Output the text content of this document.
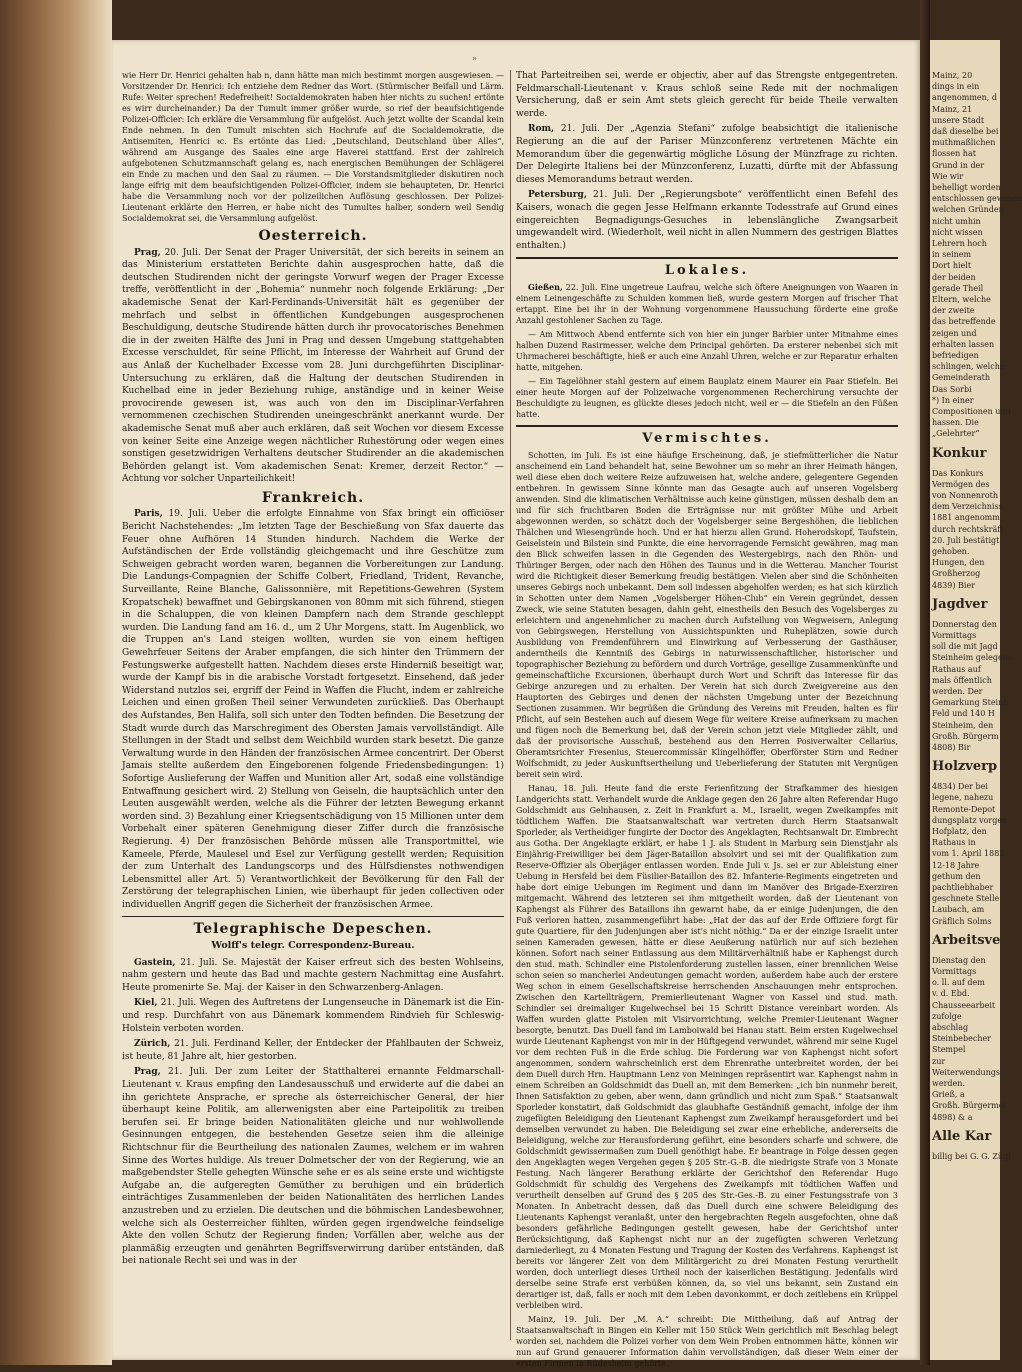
»

wie Herr Dr. Henrici gehalten hab n, dann hätte man mich bestimmt morgen ausgewiesen. — Vorsitzender Dr. Henrici: Ich entziehe dem Redner das Wort. (Stürmischer Beifall und Lärm. Rufe: Weiter sprechen! Redefreiheit! Socialdemokraten haben hier nichts zu suchen! ertönte es wirr durcheinander.) Da der Tumult immer größer wurde, so rief der beaufsichtigende Polizei-Officier: Ich erkläre die Versammlung für aufgelöst. Auch jetzt wollte der Scandal kein Ende nehmen. In den Tumult mischten sich Hochrufe auf die Socialdemokratie, die Antisemiten, Henrici ꝛc. Es ertönte das Lied: „Deutschland, Deutschland über Alles“, während am Ausgange des Saales eine arge Haverei stattfand. Erst der zahlreich aufgebotenen Schutzmannschaft gelang es, nach energischen Bemühungen der Schlägerei ein Ende zu machen und den Saal zu räumen. — Die Vorstandsmitglieder diskutiren noch lange eifrig mit dem beaufsichtigenden Polizei-Officier, indem sie behaupteten, Dr. Henrici habe die Versammlung noch vor der polizeilichen Auflösung geschlossen. Der Polizei-Lieutenant erklärte den Herren, er habe nicht des Tumultes halber, sondern weil Sendig Socialdemokrat sei, die Versammlung aufgelöst.

Oesterreich.

Prag, 20. Juli. Der Senat der Prager Universität, der sich bereits in seinem an das Ministerium erstatteten Berichte dahin ausgesprochen hatte, daß die deutschen Studirenden nicht der geringste Vorwurf wegen der Prager Excesse treffe, veröffentlicht in der „Bohemia“ nunmehr noch folgende Erklärung: „Der akademische Senat der Karl-Ferdinands-Universität hält es gegenüber der mehrfach und selbst in öffentlichen Kundgebungen ausgesprochenen Beschuldigung, deutsche Studirende hätten durch ihr provocatorisches Benehmen die in der zweiten Hälfte des Juni in Prag und dessen Umgebung stattgehabten Excesse verschuldet, für seine Pflicht, im Interesse der Wahrheit auf Grund der aus Anlaß der Kuchelbader Excesse vom 28. Juni durchgeführten Disciplinar-Untersuchung zu erklären, daß die Haltung der deutschen Studirenden in Kuchelbad eine in jeder Beziehung ruhige, anständige und in keiner Weise provocirende gewesen ist, was auch von den im Disciplinar-Verfahren vernommenen czechischen Studirenden uneingeschränkt anerkannt wurde. Der akademische Senat muß aber auch erklären, daß seit Wochen vor diesem Excesse von keiner Seite eine Anzeige wegen nächtlicher Ruhestörung oder wegen eines sonstigen gesetzwidrigen Verhaltens deutscher Studirender an die akademischen Behörden gelangt ist. Vom akademischen Senat: Kremer, derzeit Rector.“ — Achtung vor solcher Unparteilichkeit!

Frankreich.

Paris, 19. Juli. Ueber die erfolgte Einnahme von Sfax bringt ein officiöser Bericht Nachstehendes: „Im letzten Tage der Beschießung von Sfax dauerte das Feuer ohne Aufhören 14 Stunden hindurch. Nachdem die Werke der Aufständischen der Erde vollständig gleichgemacht und ihre Geschütze zum Schweigen gebracht worden waren, begannen die Vorbereitungen zur Landung. Die Landungs-Compagnien der Schiffe Colbert, Friedland, Trident, Revanche, Surveillante, Reine Blanche, Galissonnière, mit Repetitions-Gewehren (System Kropatschek) bewaffnet und Gebirgskanonen von 80mm mit sich führend, stiegen in die Schaluppen, die von kleinen Dampfern nach dem Strande geschleppt wurden. Die Landung fand am 16. d., um 2 Uhr Morgens, statt. Im Augenblick, wo die Truppen an's Land steigen wollten, wurden sie von einem heftigen Gewehrfeuer Seitens der Araber empfangen, die sich hinter den Trümmern der Festungswerke aufgestellt hatten. Nachdem dieses erste Hinderniß beseitigt war, wurde der Kampf bis in die arabische Vorstadt fortgesetzt. Einsehend, daß jeder Widerstand nutzlos sei, ergriff der Feind in Waffen die Flucht, indem er zahlreiche Leichen und einen großen Theil seiner Verwundeten zurückließ. Das Oberhaupt des Aufstandes, Ben Halifa, soll sich unter den Todten befinden. Die Besetzung der Stadt wurde durch das Marschregiment des Obersten Jamais vervollständigt. Alle Stellungen in der Stadt und selbst dem Weichbild wurden stark besetzt. Die ganze Verwaltung wurde in den Händen der französischen Armee concentrirt. Der Oberst Jamais stellte außerdem den Eingeborenen folgende Friedensbedingungen: 1) Sofortige Auslieferung der Waffen und Munition aller Art, sodaß eine vollständige Entwaffnung gesichert wird. 2) Stellung von Geiseln, die hauptsächlich unter den Leuten ausgewählt werden, welche als die Führer der letzten Bewegung erkannt worden sind. 3) Bezahlung einer Kriegsentschädigung von 15 Millionen unter dem Vorbehalt einer späteren Genehmigung dieser Ziffer durch die französische Regierung. 4) Der französischen Behörde müssen alle Transportmittel, wie Kameele, Pferde, Maulesel und Esel zur Verfügung gestellt werden; Requisition der zum Unterhalt des Landungscorps und des Hülfsdienstes nothwendigen Lebensmittel aller Art. 5) Verantwortlichkeit der Bevölkerung für den Fall der Zerstörung der telegraphischen Linien, wie überhaupt für jeden collectiven oder individuellen Angriff gegen die Sicherheit der französischen Armee.

Telegraphische Depeschen.
Wolff's telegr. Correspondenz-Bureau.

Gastein, 21. Juli. Se. Majestät der Kaiser erfreut sich des besten Wohlseins, nahm gestern und heute das Bad und machte gestern Nachmittag eine Ausfahrt. Heute promenirte Se. Maj. der Kaiser in den Schwarzenberg-Anlagen.

Kiel, 21. Juli. Wegen des Auftretens der Lungenseuche in Dänemark ist die Ein- und resp. Durchfahrt von aus Dänemark kommendem Rindvieh für Schleswig-Holstein verboten worden.

Zürich, 21. Juli. Ferdinand Keller, der Entdecker der Pfahlbauten der Schweiz, ist heute, 81 Jahre alt, hier gestorben.

Prag, 21. Juli. Der zum Leiter der Statthalterei ernannte Feldmarschall-Lieutenant v. Kraus empfing den Landesausschuß und erwiderte auf die dabei an ihn gerichtete Ansprache, er spreche als österreichischer General, der hier überhaupt keine Politik, am allerwenigsten aber eine Parteipolitik zu treiben berufen sei. Er bringe beiden Nationalitäten gleiche und nur wohlwollende Gesinnungen entgegen, die bestehenden Gesetze seien ihm die alleinige Richtschnur für die Beurtheilung des nationalen Zaumes, welchem er im wahren Sinne des Wortes huldige. Als treuer Dolmetscher der von der Regierung, wie an maßgebendster Stelle gehegten Wünsche sehe er es als seine erste und wichtigste Aufgabe an, die aufgeregten Gemüther zu beruhigen und ein brüderlich einträchtiges Zusammenleben der beiden Nationalitäten des herrlichen Landes anzustreben und zu erzielen. Die deutschen und die böhmischen Landesbewohner, welche sich als Oesterreicher fühlten, würden gegen irgendwelche feindselige Akte den vollen Schutz der Regierung finden; Vorfällen aber, welche aus der planmäßig erzeugten und genährten Begriffsverwirrung darüber entständen, daß bei nationale Recht sei und was in der

That Parteitreiben sei, werde er objectiv, aber auf das Strengste entgegentreten. Feldmarschall-Lieutenant v. Kraus schloß seine Rede mit der nochmaligen Versicherung, daß er sein Amt stets gleich gerecht für beide Theile verwalten werde.

Rom, 21. Juli. Der „Agenzia Stefani“ zufolge beabsichtigt die italienische Regierung an die auf der Pariser Münzconferenz vertretenen Mächte ein Memorandum über die gegenwärtig mögliche Lösung der Münzfrage zu richten. Der Delegirte Italiens bei der Münzconferenz, Luzatti, dürfte mit der Abfassung dieses Memorandums betraut werden.

Petersburg, 21. Juli. Der „Regierungsbote“ veröffentlicht einen Befehl des Kaisers, wonach die gegen Jesse Helfmann erkannte Todesstrafe auf Grund eines eingereichten Begnadigungs-Gesuches in lebenslängliche Zwangsarbeit umgewandelt wird. (Wiederholt, weil nicht in allen Nummern des gestrigen Blattes enthalten.)

Lokales.

Gießen, 22. Juli. Eine ungetreue Laufrau, welche sich öftere Aneignungen von Waaren in einem Leinengeschäfte zu Schulden kommen ließ, wurde gestern Morgen auf frischer That ertappt. Eine bei ihr in der Wohnung vorgenommene Haussuchung förderte eine große Anzahl gestohlener Sachen zu Tage.

— Am Mittwoch Abend entfernte sich von hier ein junger Barbier unter Mitnahme eines halben Duzend Rasirmesser, welche dem Principal gehörten. Da ersterer nebenbei sich mit Uhrmacherei beschäftigte, hieß er auch eine Anzahl Uhren, welche er zur Reparatur erhalten hatte, mitgehen.

— Ein Tagelöhner stahl gestern auf einem Bauplatz einem Maurer ein Paar Stiefeln. Bei einer heute Morgen auf der Polizeiwache vorgenommenen Recherchirung versuchte der Beschuldigte zu leugnen, es glückte dieses jedoch nicht, weil er — die Stiefeln an den Füßen hatte.

Vermischtes.

Schotten, im Juli. Es ist eine häufige Erscheinung, daß, je stiefmütterlicher die Natur anscheinend ein Land behandelt hat, seine Bewohner um so mehr an ihrer Heimath hängen, weil diese eben doch weitere Reize aufzuweisen hat, welche andere, gelegentere Gegenden entbehren. In gewissem Sinne könnte man das Gesagte auch auf unseren Vogelsberg anwenden. Sind die klimatischen Verhältnisse auch keine günstigen, müssen deshalb dem an und für sich fruchtbaren Boden die Erträgnisse nur mit größter Mühe und Arbeit abgewonnen werden, so schätzt doch der Vogelsberger seine Bergeshöhen, die lieblichen Thälchen und Wiesengründe hoch. Und er hat hierzu allen Grund. Hoherodskopf, Taufstein, Geiselstein und Bilstein sind Punkte, die eine hervorragende Fernsicht gewähren, mag man den Blick schweifen lassen in die Gegenden des Westergebirgs, nach den Rhön- und Thüringer Bergen, oder nach den Höhen des Taunus und in die Wetterau. Mancher Tourist wird die Richtigkeit dieser Bemerkung freudig bestätigen. Vielen aber sind die Schönheiten unseres Gebirgs noch unbekannt. Dem soll indessen abgeholfen werden; es hat sich kürzlich in Schotten unter dem Namen „Vogelsberger Höhen-Club“ ein Verein gegründet, dessen Zweck, wie seine Statuten besagen, dahin geht, einestheils den Besuch des Vogelsberges zu erleichtern und angenehmlicher zu machen durch Aufstellung von Wegweisern, Anlegung von Gebirgswegen, Herstellung von Aussichtspunkten und Ruheplätzen, sowie durch Ausbildung von Fremdenführern und Einwirkung auf Verbesserung der Gasthäuser, anderntheils die Kenntniß des Gebirgs in naturwissenschaftlicher, historischer und topographischer Beziehung zu befördern und durch Vorträge, gesellige Zusammenkünfte und gemeinschaftliche Excursionen, überhaupt durch Wort und Schrift das Interesse für das Gebirge anzuregen und zu erhalten. Der Verein hat sich durch Zweigvereine aus den Hauptorten des Gebirges und denen der nächsten Umgebung unter der Bezeichnung Sectionen zusammen. Wir begrüßen die Gründung des Vereins mit Freuden, halten es für Pflicht, auf sein Bestehen auch auf diesem Wege für weitere Kreise aufmerksam zu machen und fügen noch die Bemerkung bei, daß der Verein schon jetzt viele Mitglieder zählt, und daß der provisorische Ausschuß, bestehend aus den Herren Posiverwalter Cellarius, Oberamtsrichter Fresenius, Steuercommissär Klingelhöffer, Oberförster Stirn und Redner Wolfschmidt, zu jeder Auskunftsertheilung und Ueberlieferung der Statuten mit Vergnügen bereit sein wird.

Hanau, 18. Juli. Heute fand die erste Ferienfitzung der Strafkammer des hiesigen Landgerichts statt. Verhandelt wurde die Anklage gegen den 26 Jahre alten Referendar Hugo Goldschmidt aus Gelnhausen, z. Zeit in Frankfurt a. M., Israelit, wegen Zweikampfes mit tödtlichem Waffen. Die Staatsanwaltschaft war vertreten durch Herrn Staatsanwalt Sporleder, als Vertheidiger fungirte der Doctor des Angeklagten, Rechtsanwalt Dr. Eimbrecht aus Gotha. Der Angeklagte erklärt, er habe 1 J. als Student in Marburg sein Dienstjahr als Einjährig-Freiwilliger bei dem Jäger-Bataillon absolvirt und sei mit der Qualifikation zum Reserve-Offizier als Oberjäger entlassen worden. Ende Juli v. Js. sei er zur Ableistung einer Uebung in Hersfeld bei dem Füsilier-Bataillon des 82. Infanterie-Regiments eingetreten und habe dort einige Uebungen im Regiment und dann im Manöver des Brigade-Exerziren mitgemacht. Während des letzteren sei ihm mitgetheilt worden, daß der Lieutenant von Kaphengst als Führer des Bataillons ihn gewarnt habe, da er einige Judenjungen, die den Fuß verloren hatten, zusammengeführt habe: „Hat der das auf der Erde Offiziere forgt für gute Quartiere, für den Judenjungen aber ist's nicht nöthig.“ Da er der einzige Israelit unter seinen Kameraden gewesen, hätte er diese Aeußerung natürlich nur auf sich beziehen können. Sofort nach seiner Entlassung aus dem Militärverhältniß habe er Kaphengst durch den stud. math. Schindler eine Pistolenforderung zustellen lassen, einer brennlichen Weise schon seien so mancherlei Andeutungen gemacht worden, außerdem habe auch der erstere Weg schon in einem Gesellschaftskreise herrschenden Anschauungen mehr entsprochen. Zwischen den Kartellträgern, Premierlieutenant Wagner von Kassel und stud. math. Schindler sei dreimaliger Kugelwechsel bei 15 Schritt Distance vereinbart worden. Als Waffen wurden glatte Pistolen mit Visirvorrichtung, welche Premier-Lieutenant Wagner besorgte, benutzt. Das Duell fand im Lamboiwald bei Hanau statt. Beim ersten Kugelwechsel wurde Lieutenant Kaphengst von mir in der Hüftgegend verwundet, während mir seine Kugel vor dem rechten Fuß in die Erde schlug. Die Forderung war von Kaphengst nicht sofort angenommen, sondern wahrscheinlich erst dem Ehrenrathe unterbreitet worden, der bei dem Duell durch Hrn. Hauptmann Lenz von Meiningen repräsentirt war. Kaphengst nahm in einem Schreiben an Goldschmidt das Duell an, mit dem Bemerken: „ich bin nunmehr bereit, Ihnen Satisfaktion zu geben, aber wenn, dann gründlich und nicht zum Spaß.“ Staatsanwalt Sporleder konstatirt, daß Goldschmidt das glaubhafte Geständniß gemacht, infolge der ihm zugefügten Beleidigung den Lieutenant Kaphengst zum Zweikampf herausgefordert und bei demselben verwundet zu haben. Die Beleidigung sei zwar eine erhebliche, andererseits die Beleidigung, welche zur Herausforderung geführt, eine besonders scharfe und schwere, die Goldschmidt gewissermaßen zum Duell genöthigt habe. Er beantrage in Folge dessen gegen den Angeklagten wegen Vergehen gegen § 205 Str.-G.-B. die niedrigste Strafe von 3 Monate Festung. Nach längerer Berathung erklärte der Gerichtshof den Referendar Hugo Goldschmidt für schuldig des Vergehens des Zweikampfs mit tödtlichen Waffen und verurtheilt denselben auf Grund des § 205 des Str.-Ges.-B. zu einer Festungsstrafe von 3 Monaten. In Anbetracht dessen, daß das Duell durch eine schwere Beleidigung des Lieutenants Kaphengst veranlaßt, unter den hergebrachten Regeln ausgefochten, ohne daß besonders gefährliche Bedingungen gestellt gewesen, habe der Gerichtshof unter Berücksichtigung, daß Kaphengst nicht nur an der zugefügten schweren Verletzung darniederliegt, zu 4 Monaten Festung und Tragung der Kosten des Verfahrens. Kaphengst ist bereits vor längerer Zeit von dem Militärgericht zu drei Monaten Festung verurtheilt worden, doch unterliegt dieses Urtheil noch der kaiserlichen Bestätigung. Jedenfalls wird derselbe seine Strafe erst verbüßen können, da, so viel uns bekannt, sein Zustand ein derartiger ist, daß, falls er noch mit dem Leben davonkommt, er doch zeitlebens ein Krüppel verbleiben wird.

Mainz, 19. Juli. Der „M. A.“ schreibt: Die Mittheilung, daß auf Antrag der Staatsanwaltschaft in Bingen ein Keller mit 150 Stück Wein gerichtlich mit Beschlag belegt worden sei, nachdem die Polizei vorher von dem Wein Proben entnommen hätte, können wir nun auf Grund genauerer Information dahin vervollständigen, daß dieser Wein einer der ersten Firmen in Rüdesheim gehörte.

Mainz, 20
dings in ein
angenommen, d
Mainz, 21
unsere Stadt
daß dieselbe bei
muthmaßlichen
flossen hat
Grund in der
Wie wir
behelligt worden
entschlossen gewesen
welchen Gründen
nicht umhin
nicht wissen
Lehrern hoch
in seinem
Dort hielt
der beiden
gerade Theil
Eltern, welche
der zweite
das betreffende
zeigen und
erhalten lassen
befriedigen
schlingen, welche
Gemeinderath
Das Sorbi
*) In einer
Compositionen und
hassen. Die
„Gelehrter“
Konkur
Das Konkurs
Vermögen des
von Nonnenroth
dem Verzeichniss
1881 angenomm
durch rechtskräft
20. Juli bestätigt
gehoben.
Hungen, den
Großherzog
4839) Bier
Jagdver
Donnerstag den
Vormittags
soll die mit Jagd
Steinheim gelegene
Rathaus auf
mals öffentlich
werden. Der
Gemarkung Steinh
Feld und 140 H
Steinheim, den
Großh. Bürgerm
4808) Bir
Holzverp
4834) Der bei
legene, nahezu
Remonte-Depot
dungsplatz vorgen
Hofplatz, den
Rathaus in
vom 1. April 1882
12-18 Jahre
gethum den
pachtliebhaber
geschnete Stelle
Laubach, am
Gräflich Solms
Arbeitsve
Dienstag den
Vormittags
o. ll. auf dem
v. d. Ebd.
Chausseearbeit
zufolge
abschlag
Steinbebecher
Stempel
zur
Weiterwendungs
werden.
Grieß, a
Großh. Bürgermei
4898) & a
Alle Kar
billig bei G. G. Zügl
